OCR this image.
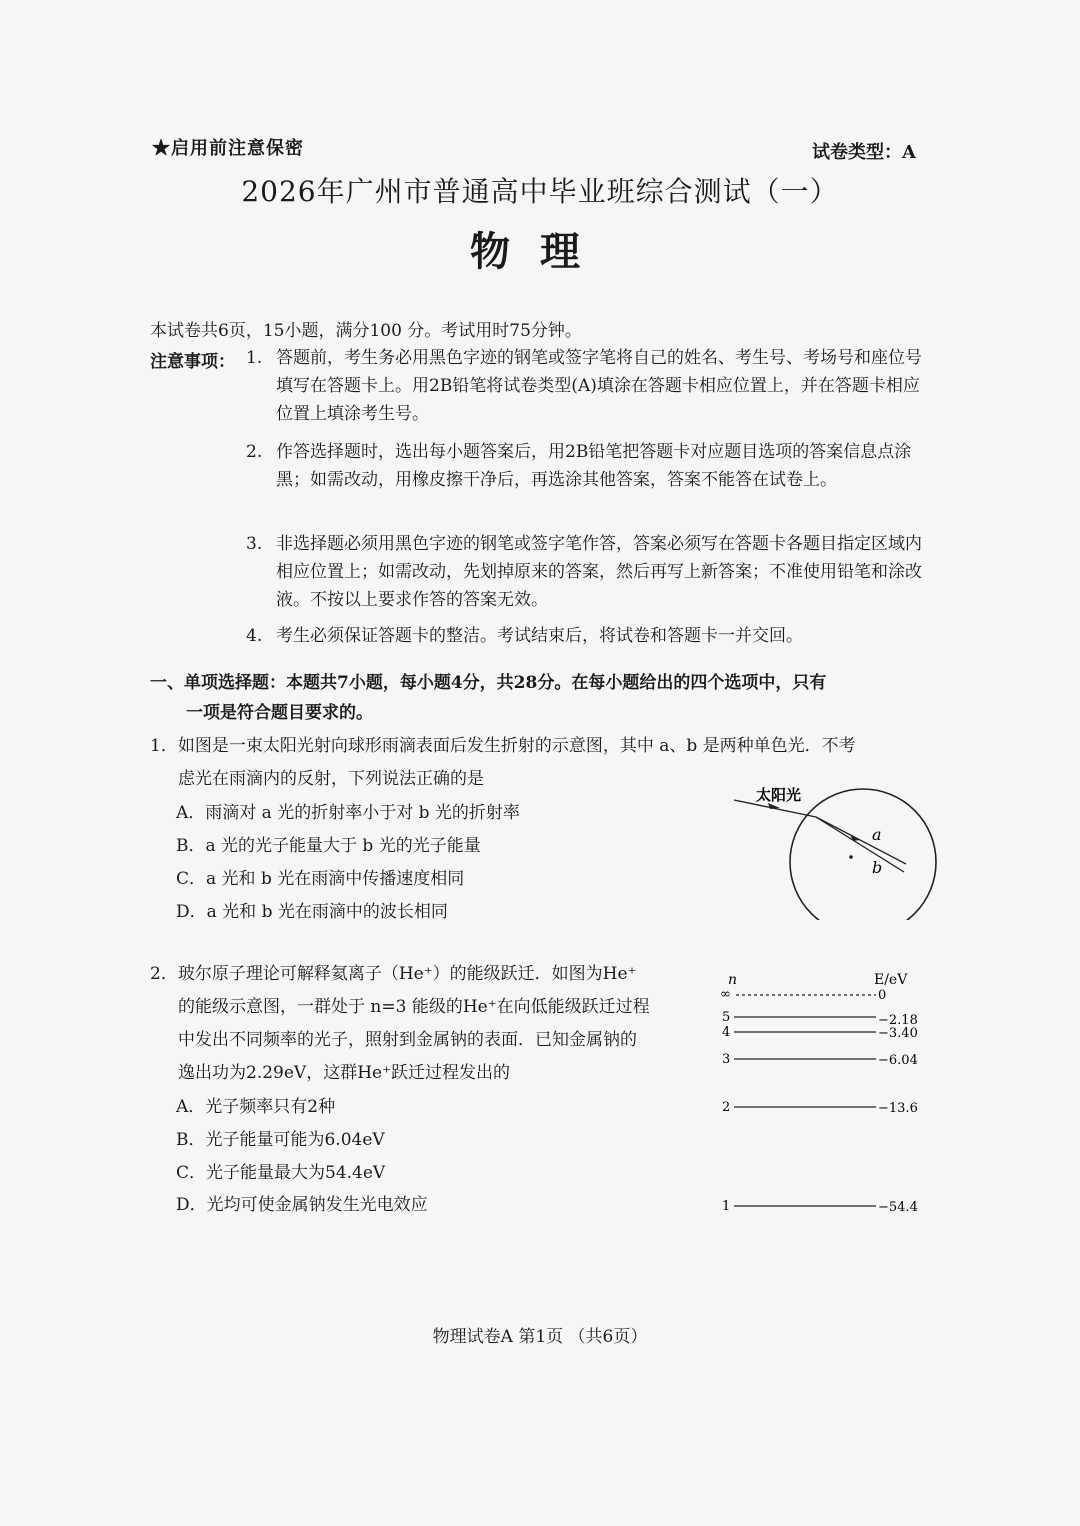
★启用前注意保密	试卷类型：A
2026年广州市普通高中毕业班综合测试（一）
物理
本试卷共6页，15小题，满分100 分。考试用时75分钟。
注意事项： 1. 答题前，考生务必用黑色字迹的钢笔或签字笔将自己的姓名、考生号、考场号和座位号填写在答题卡上。用2B铅笔将试卷类型(A)填涂在答题卡相应位置上，并在答题卡相应位置上填涂考生号。
2. 作答选择题时，选出每小题答案后，用2B铅笔把答题卡对应题目选项的答案信息点涂黑；如需改动，用橡皮擦干净后，再选涂其他答案，答案不能答在试卷上。
3. 非选择题必须用黑色字迹的钢笔或签字笔作答，答案必须写在答题卡各题目指定区域内相应位置上；如需改动，先划掉原来的答案，然后再写上新答案；不准使用铅笔和涂改液。不按以上要求作答的答案无效。
4. 考生必须保证答题卡的整洁。考试结束后，将试卷和答题卡一并交回。
一、单项选择题：本题共7小题，每小题4分，共28分。在每小题给出的四个选项中，只有
一项是符合题目要求的。
1．如图是一束太阳光射向球形雨滴表面后发生折射的示意图，其中 a、b 是两种单色光．不考
虑光在雨滴内的反射，下列说法正确的是
A．雨滴对 a 光的折射率小于对 b 光的折射率
B．a 光的光子能量大于 b 光的光子能量
C．a 光和 b 光在雨滴中传播速度相同
D．a 光和 b 光在雨滴中的波长相同
太阳光
a
b
2．玻尔原子理论可解释氦离子（He⁺）的能级跃迁．如图为He⁺
的能级示意图，一群处于 n=3 能级的He⁺在向低能级跃迁过程
中发出不同频率的光子，照射到金属钠的表面．已知金属钠的
逸出功为2.29eV，这群He⁺跃迁过程发出的
A．光子频率只有2种
B．光子能量可能为6.04eV
C．光子能量最大为54.4eV
D．光均可使金属钠发生光电效应
n	E/eV
∞	0
5	−2.18
4	−3.40
3	−6.04
2	−13.6
1	−54.4
物理试卷A 第1页 （共6页）
